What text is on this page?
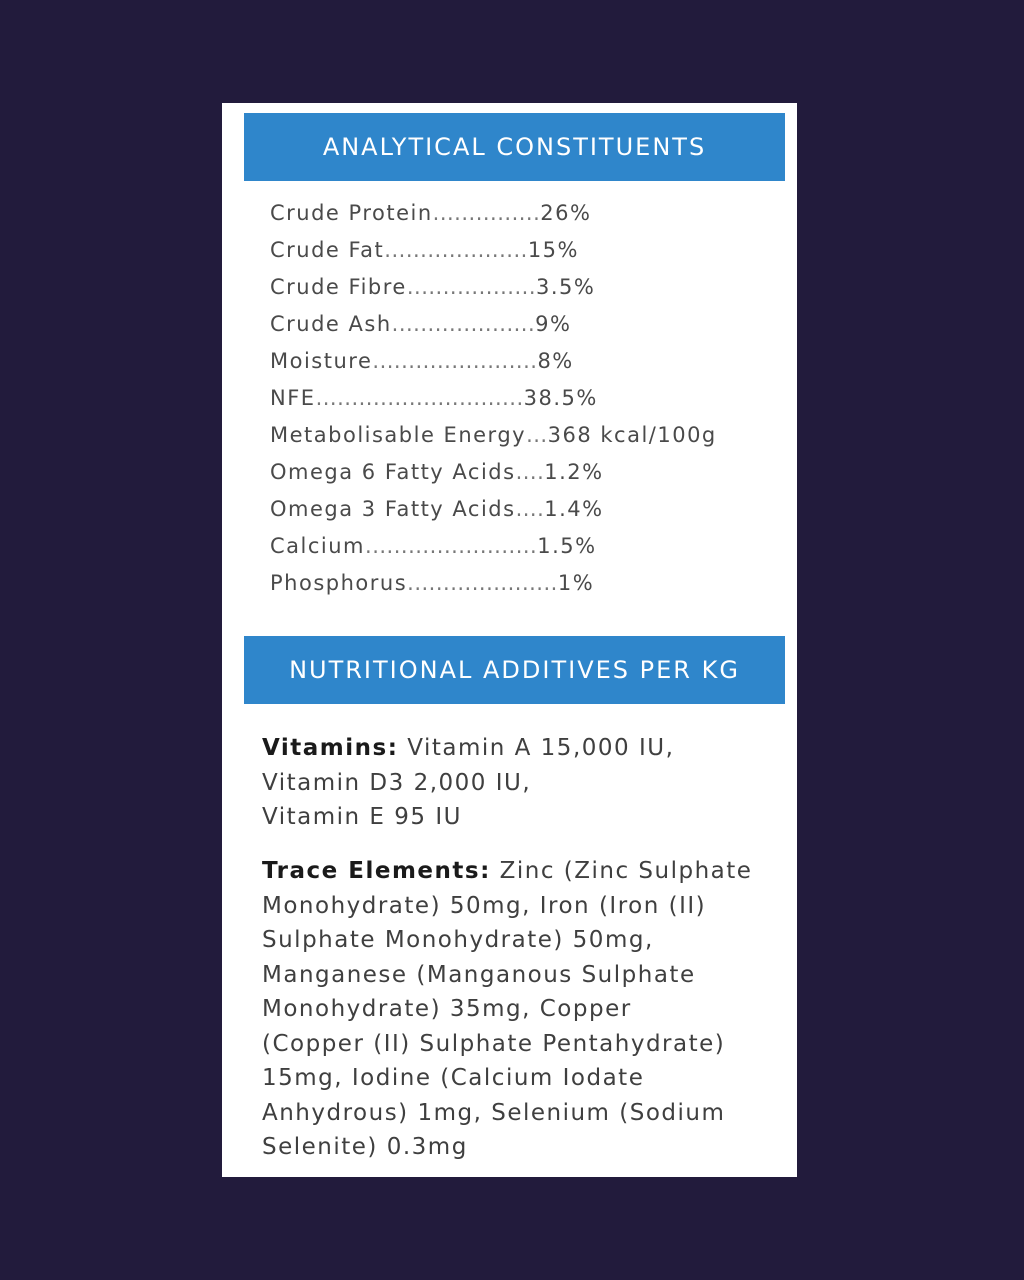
ANALYTICAL CONSTITUENTS
Crude Protein ............... 26%
Crude Fat .................... 15%
Crude Fibre .................. 3.5%
Crude Ash .................... 9%
Moisture ....................... 8%
NFE ............................. 38.5%
Metabolisable Energy ... 368 kcal/100g
Omega 6 Fatty Acids .... 1.2%
Omega 3 Fatty Acids .... 1.4%
Calcium ........................ 1.5%
Phosphorus ..................... 1%
NUTRITIONAL ADDITIVES PER KG

Vitamins: Vitamin A 15,000 IU,
Vitamin D3 2,000 IU,
Vitamin E 95 IU

Trace Elements: Zinc (Zinc Sulphate
Monohydrate) 50mg, Iron (Iron (II)
Sulphate Monohydrate) 50mg,
Manganese (Manganous Sulphate
Monohydrate) 35mg, Copper
(Copper (II) Sulphate Pentahydrate)
15mg, Iodine (Calcium Iodate
Anhydrous) 1mg, Selenium (Sodium
Selenite) 0.3mg
